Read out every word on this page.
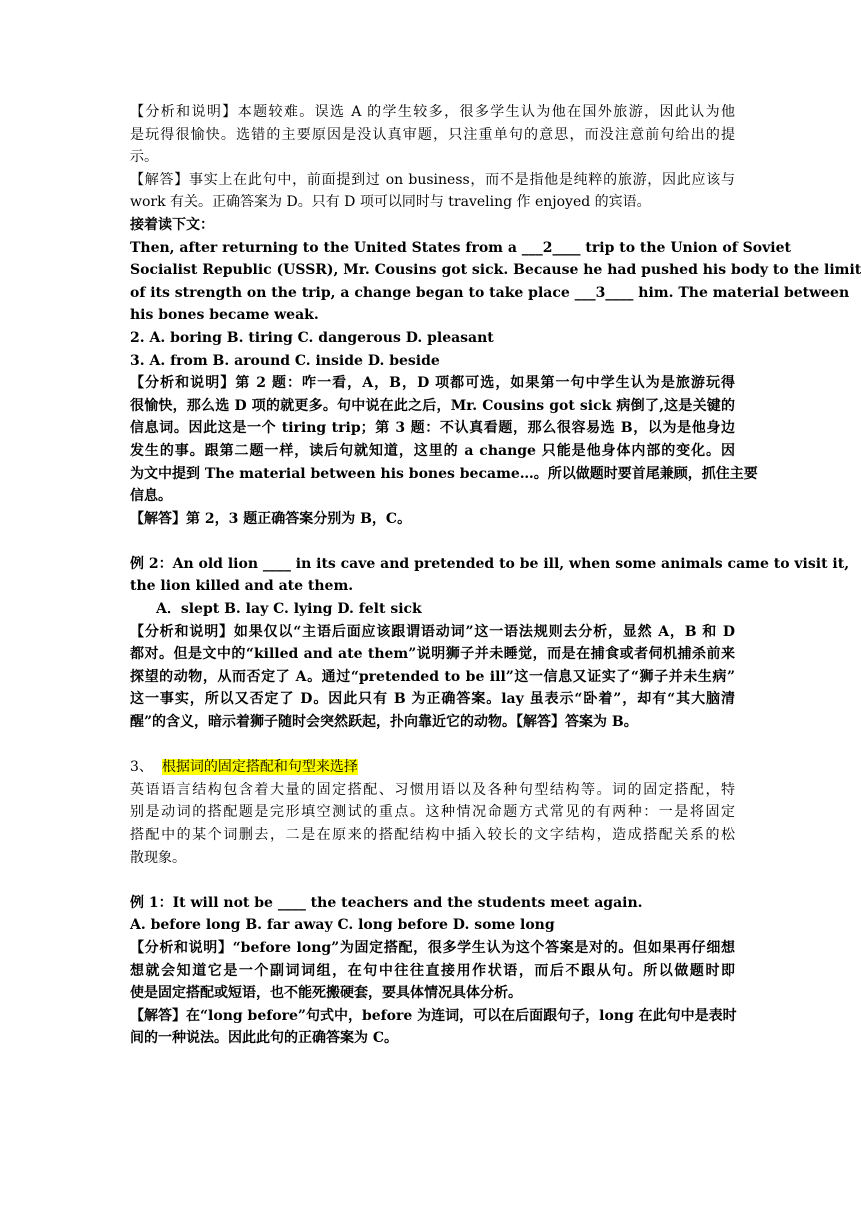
【分析和说明】本题较难。误选 A 的学生较多，很多学生认为他在国外旅游，因此认为他
是玩得很愉快。选错的主要原因是没认真审题，只注重单句的意思，而没注意前句给出的提
示。
【解答】事实上在此句中，前面提到过 on business，而不是指他是纯粹的旅游，因此应该与
work 有关。正确答案为 D。只有 D 项可以同时与 traveling 作 enjoyed 的宾语。
接着读下文：
Then, after returning to the United States from a ___2____ trip to the Union of Soviet
Socialist Republic (USSR), Mr. Cousins got sick. Because he had pushed his body to the limit
of its strength on the trip, a change began to take place ___3____ him. The material between
his bones became weak.
2. A. boring B. tiring C. dangerous D. pleasant
3. A. from B. around C. inside D. beside
【分析和说明】第 2 题：咋一看，A，B，D 项都可选，如果第一句中学生认为是旅游玩得
很愉快，那么选 D 项的就更多。句中说在此之后，Mr. Cousins got sick 病倒了,这是关键的
信息词。因此这是一个 tiring trip；第 3 题：不认真看题，那么很容易选 B，以为是他身边
发生的事。跟第二题一样，读后句就知道，这里的 a change 只能是他身体内部的变化。因
为文中提到 The material between his bones became…。所以做题时要首尾兼顾，抓住主要
信息。
【解答】第 2，3 题正确答案分别为 B，C。
例 2：An old lion ____ in its cave and pretended to be ill, when some animals came to visit it,
the lion killed and ate them.
A．slept B. lay C. lying D. felt sick
【分析和说明】如果仅以“主语后面应该跟谓语动词”这一语法规则去分析，显然 A，B 和 D
都对。但是文中的“killed and ate them”说明狮子并未睡觉，而是在捕食或者伺机捕杀前来
探望的动物，从而否定了 A。通过“pretended to be ill”这一信息又证实了“狮子并未生病”
这一事实，所以又否定了 D。因此只有 B 为正确答案。lay 虽表示“卧着”，却有“其大脑清
醒”的含义，暗示着狮子随时会突然跃起，扑向靠近它的动物。【解答】答案为 B。
3、 根据词的固定搭配和句型来选择
英语语言结构包含着大量的固定搭配、习惯用语以及各种句型结构等。词的固定搭配，特
别是动词的搭配题是完形填空测试的重点。这种情况命题方式常见的有两种：一是将固定
搭配中的某个词删去，二是在原来的搭配结构中插入较长的文字结构，造成搭配关系的松
散现象。
例 1：It will not be ____ the teachers and the students meet again.
A. before long B. far away C. long before D. some long
【分析和说明】“before long”为固定搭配，很多学生认为这个答案是对的。但如果再仔细想
想就会知道它是一个副词词组，在句中往往直接用作状语，而后不跟从句。所以做题时即
使是固定搭配或短语，也不能死搬硬套，要具体情况具体分析。
【解答】在“long before”句式中，before 为连词，可以在后面跟句子，long 在此句中是表时
间的一种说法。因此此句的正确答案为 C。
